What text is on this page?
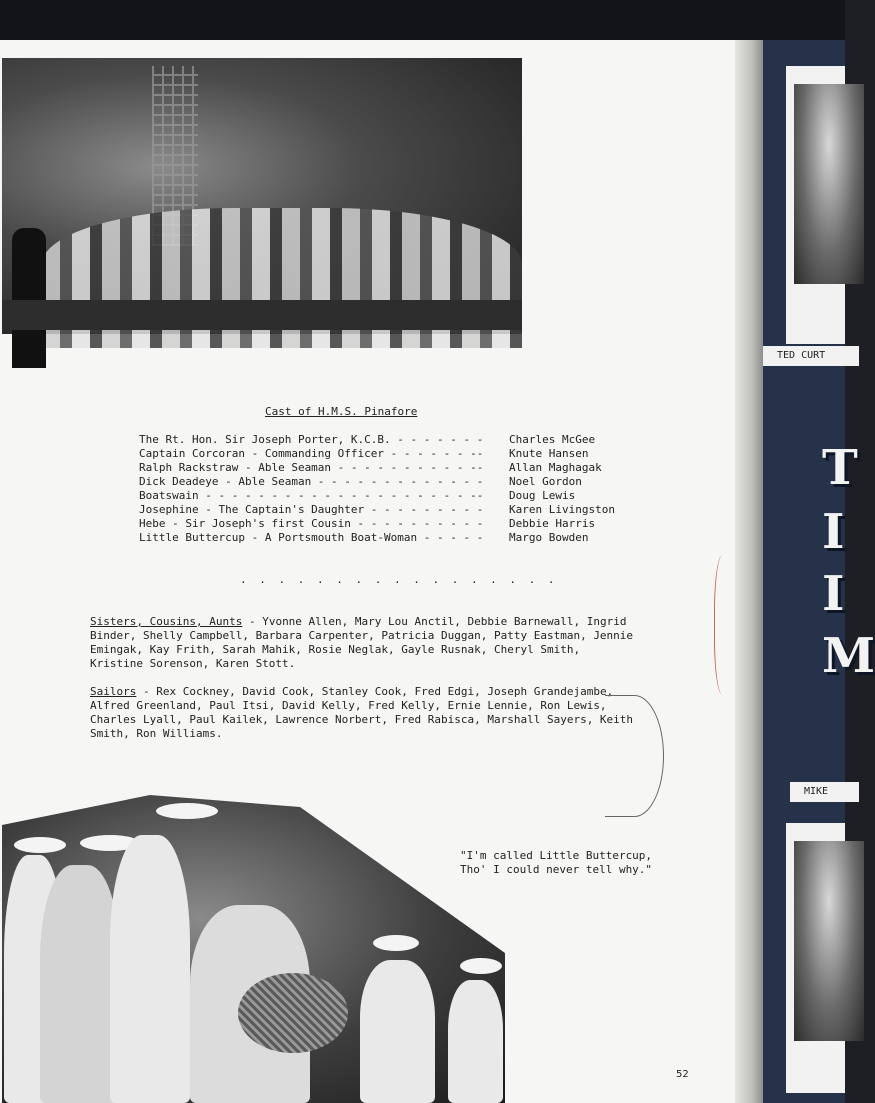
Cast of H.M.S. Pinafore
The Rt. Hon. Sir Joseph Porter, K.C.B. - - - - - - - Charles McGee
Captain Corcoran - Commanding Officer - - - - - - -- Knute Hansen
Ralph Rackstraw - Able Seaman - - - - - - - - - - -- Allan Maghagak
Dick Deadeye - Able Seaman - - - - - - - - - - - - - Noel Gordon
Boatswain - - - - - - - - - - - - - - - - - - - - -- Doug Lewis
Josephine - The Captain's Daughter - - - - - - - - - Karen Livingston
Hebe - Sir Joseph's first Cousin - - - - - - - - - - Debbie Harris
Little Buttercup - A Portsmouth Boat-Woman - - - - - Margo Bowden
. . . . . . . . . . . . . . . . .
Sisters, Cousins, Aunts - Yvonne Allen, Mary Lou Anctil, Debbie Barnewall, Ingrid Binder, Shelly Campbell, Barbara Carpenter, Patricia Duggan, Patty Eastman, Jennie Emingak, Kay Frith, Sarah Mahik, Rosie Neglak, Gayle Rusnak, Cheryl Smith, Kristine Sorenson, Karen Stott.
Sailors - Rex Cockney, David Cook, Stanley Cook, Fred Edgi, Joseph Grandejambe, Alfred Greenland, Paul Itsi, David Kelly, Fred Kelly, Ernie Lennie, Ron Lewis, Charles Lyall, Paul Kailek, Lawrence Norbert, Fred Rabisca, Marshall Sayers, Keith Smith, Ron Williams.
"I'm called Little Buttercup,
Tho' I could never tell why."
52
TED CURT
T
I
I
M
MIKE
